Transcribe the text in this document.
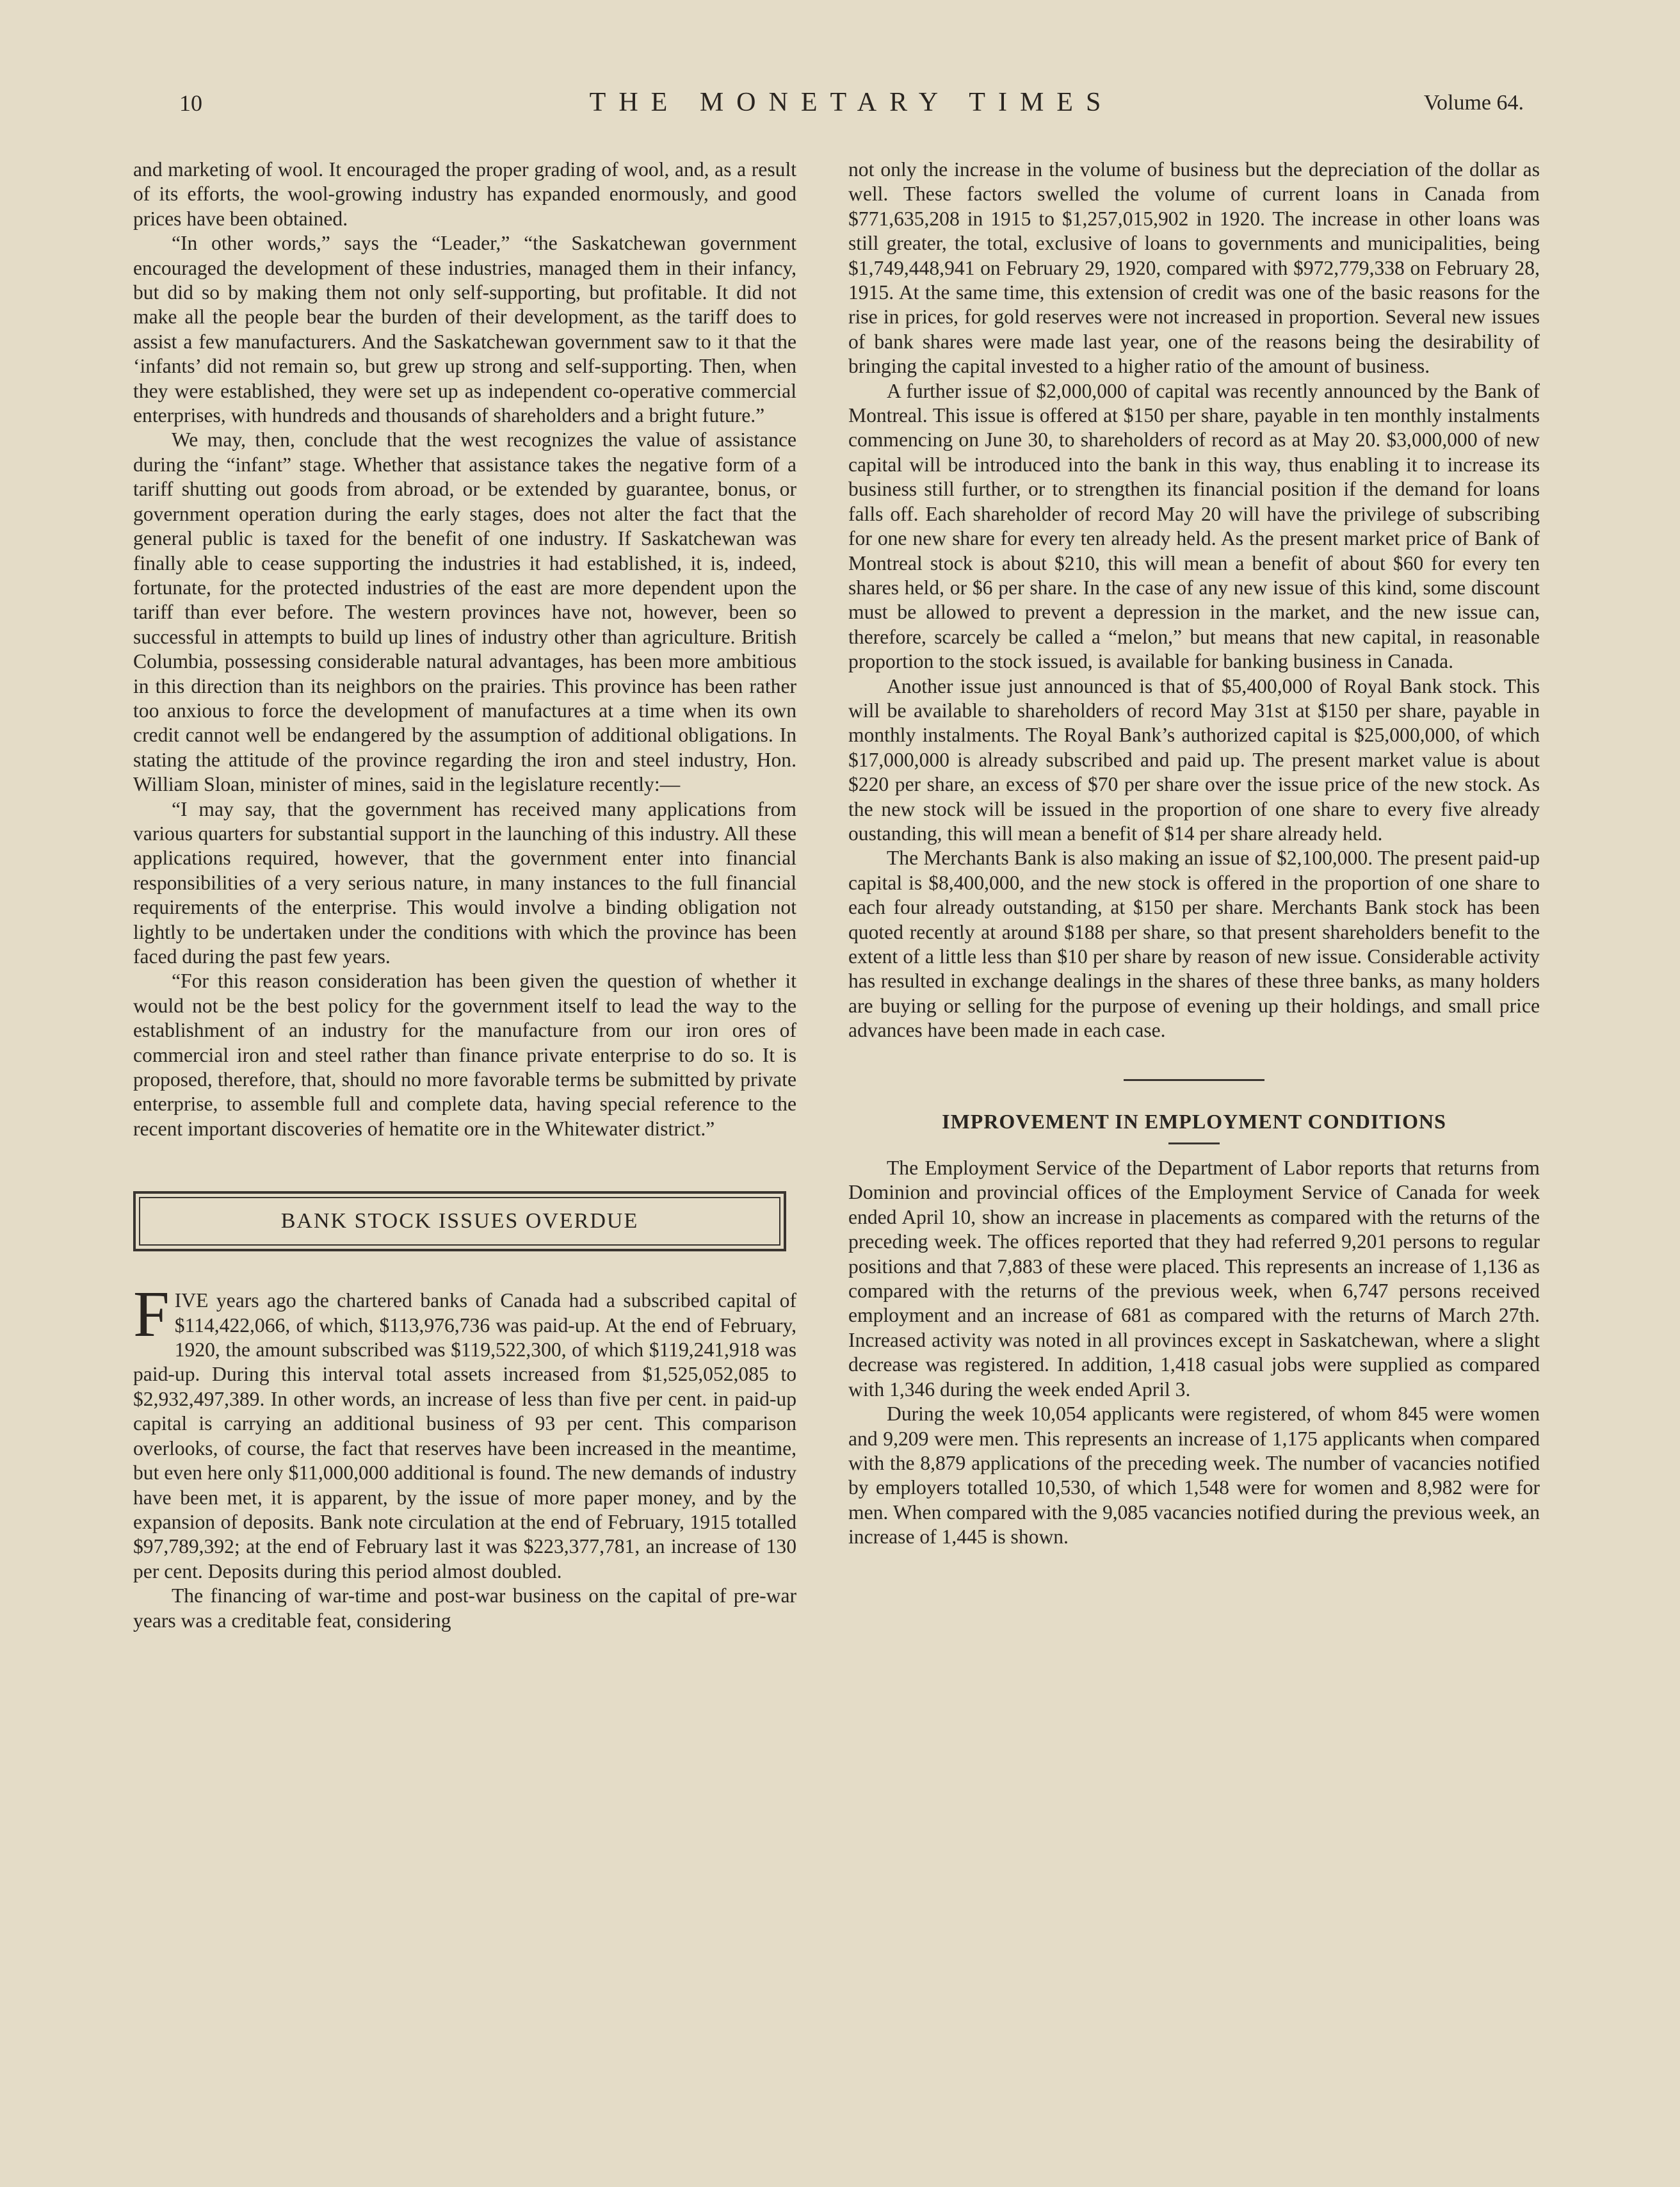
10	THE MONETARY TIMES	Volume 64.

and marketing of wool. It encouraged the proper grading of wool, and, as a result of its efforts, the wool-growing industry has expanded enormously, and good prices have been obtained.

“In other words,” says the “Leader,” “the Saskatchewan government encouraged the development of these industries, managed them in their infancy, but did so by making them not only self-supporting, but profitable. It did not make all the people bear the burden of their development, as the tariff does to assist a few manufacturers. And the Saskatchewan government saw to it that the ‘infants’ did not remain so, but grew up strong and self-supporting. Then, when they were established, they were set up as independent co-operative commercial enterprises, with hundreds and thousands of shareholders and a bright future.”

We may, then, conclude that the west recognizes the value of assistance during the “infant” stage. Whether that assistance takes the negative form of a tariff shutting out goods from abroad, or be extended by guarantee, bonus, or government operation during the early stages, does not alter the fact that the general public is taxed for the benefit of one industry. If Saskatchewan was finally able to cease supporting the industries it had established, it is, indeed, fortunate, for the protected industries of the east are more dependent upon the tariff than ever before. The western provinces have not, however, been so successful in attempts to build up lines of industry other than agriculture. British Columbia, possessing considerable natural advantages, has been more ambitious in this direction than its neighbors on the prairies. This province has been rather too anxious to force the development of manufactures at a time when its own credit cannot well be endangered by the assumption of additional obligations. In stating the attitude of the province regarding the iron and steel industry, Hon. William Sloan, minister of mines, said in the legislature recently:—

“I may say, that the government has received many applications from various quarters for substantial support in the launching of this industry. All these applications required, however, that the government enter into financial responsibilities of a very serious nature, in many instances to the full financial requirements of the enterprise. This would involve a binding obligation not lightly to be undertaken under the conditions with which the province has been faced during the past few years.

“For this reason consideration has been given the question of whether it would not be the best policy for the government itself to lead the way to the establishment of an industry for the manufacture from our iron ores of commercial iron and steel rather than finance private enterprise to do so. It is proposed, therefore, that, should no more favorable terms be submitted by private enterprise, to assemble full and complete data, having special reference to the recent important discoveries of hematite ore in the Whitewater district.”

BANK STOCK ISSUES OVERDUE

FIVE years ago the chartered banks of Canada had a subscribed capital of $114,422,066, of which, $113,976,736 was paid-up. At the end of February, 1920, the amount subscribed was $119,522,300, of which $119,241,918 was paid-up. During this interval total assets increased from $1,525,052,085 to $2,932,497,389. In other words, an increase of less than five per cent. in paid-up capital is carrying an additional business of 93 per cent. This comparison overlooks, of course, the fact that reserves have been increased in the meantime, but even here only $11,000,000 additional is found. The new demands of industry have been met, it is apparent, by the issue of more paper money, and by the expansion of deposits. Bank note circulation at the end of February, 1915 totalled $97,789,392; at the end of February last it was $223,377,781, an increase of 130 per cent. Deposits during this period almost doubled.

The financing of war-time and post-war business on the capital of pre-war years was a creditable feat, considering

not only the increase in the volume of business but the depreciation of the dollar as well. These factors swelled the volume of current loans in Canada from $771,635,208 in 1915 to $1,257,015,902 in 1920. The increase in other loans was still greater, the total, exclusive of loans to governments and municipalities, being $1,749,448,941 on February 29, 1920, compared with $972,779,338 on February 28, 1915. At the same time, this extension of credit was one of the basic reasons for the rise in prices, for gold reserves were not increased in proportion. Several new issues of bank shares were made last year, one of the reasons being the desirability of bringing the capital invested to a higher ratio of the amount of business.

A further issue of $2,000,000 of capital was recently announced by the Bank of Montreal. This issue is offered at $150 per share, payable in ten monthly instalments commencing on June 30, to shareholders of record as at May 20. $3,000,000 of new capital will be introduced into the bank in this way, thus enabling it to increase its business still further, or to strengthen its financial position if the demand for loans falls off. Each shareholder of record May 20 will have the privilege of subscribing for one new share for every ten already held. As the present market price of Bank of Montreal stock is about $210, this will mean a benefit of about $60 for every ten shares held, or $6 per share. In the case of any new issue of this kind, some discount must be allowed to prevent a depression in the market, and the new issue can, therefore, scarcely be called a “melon,” but means that new capital, in reasonable proportion to the stock issued, is available for banking business in Canada.

Another issue just announced is that of $5,400,000 of Royal Bank stock. This will be available to shareholders of record May 31st at $150 per share, payable in monthly instalments. The Royal Bank’s authorized capital is $25,000,000, of which $17,000,000 is already subscribed and paid up. The present market value is about $220 per share, an excess of $70 per share over the issue price of the new stock. As the new stock will be issued in the proportion of one share to every five already oustanding, this will mean a benefit of $14 per share already held.

The Merchants Bank is also making an issue of $2,100,000. The present paid-up capital is $8,400,000, and the new stock is offered in the proportion of one share to each four already outstanding, at $150 per share. Merchants Bank stock has been quoted recently at around $188 per share, so that present shareholders benefit to the extent of a little less than $10 per share by reason of new issue. Considerable activity has resulted in exchange dealings in the shares of these three banks, as many holders are buying or selling for the purpose of evening up their holdings, and small price advances have been made in each case.

IMPROVEMENT IN EMPLOYMENT CONDITIONS

The Employment Service of the Department of Labor reports that returns from Dominion and provincial offices of the Employment Service of Canada for week ended April 10, show an increase in placements as compared with the returns of the preceding week. The offices reported that they had referred 9,201 persons to regular positions and that 7,883 of these were placed. This represents an increase of 1,136 as compared with the returns of the previous week, when 6,747 persons received employment and an increase of 681 as compared with the returns of March 27th. Increased activity was noted in all provinces except in Saskatchewan, where a slight decrease was registered. In addition, 1,418 casual jobs were supplied as compared with 1,346 during the week ended April 3.

During the week 10,054 applicants were registered, of whom 845 were women and 9,209 were men. This represents an increase of 1,175 applicants when compared with the 8,879 applications of the preceding week. The number of vacancies notified by employers totalled 10,530, of which 1,548 were for women and 8,982 were for men. When compared with the 9,085 vacancies notified during the previous week, an increase of 1,445 is shown.
